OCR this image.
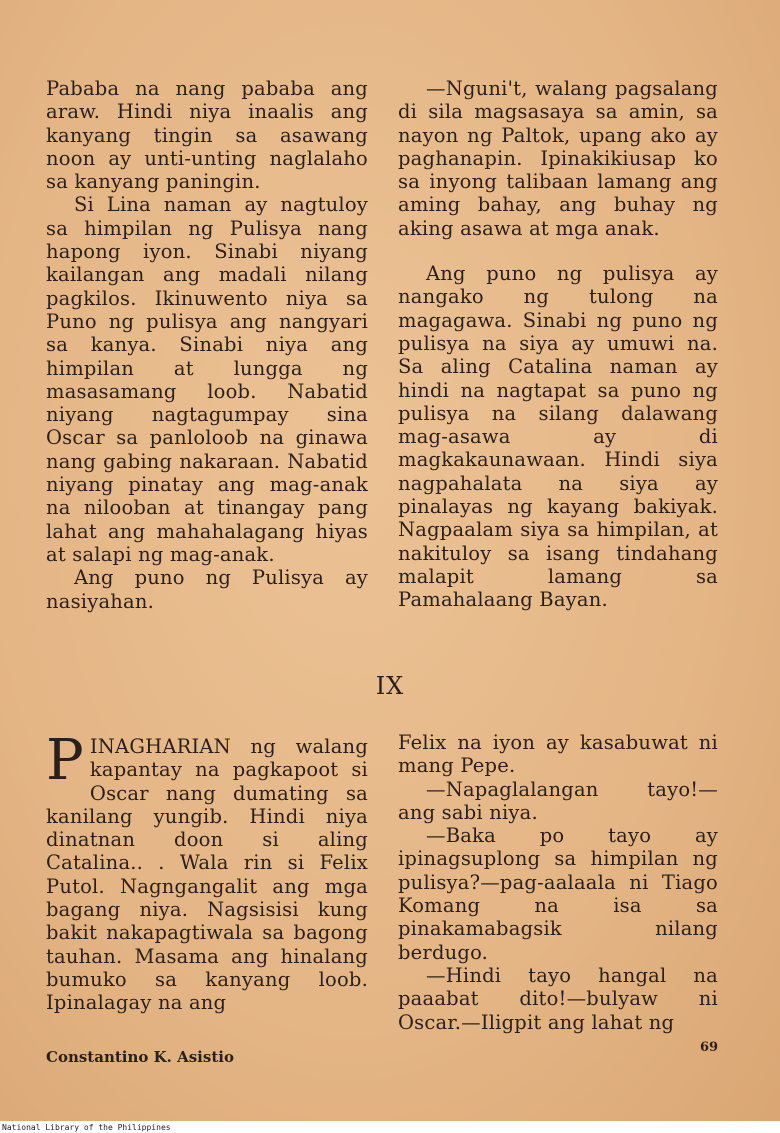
Pababa na nang pababa ang araw. Hindi niya inaalis ang kanyang tingin sa asawang noon ay unti-unting naglalaho sa kanyang paningin.

Si Lina naman ay nagtuloy sa himpilan ng Pulisya nang hapong iyon. Sinabi niyang kailangan ang madali nilang pagkilos. Ikinuwento niya sa Puno ng pulisya ang nangyari sa kanya. Sinabi niya ang himpilan at lungga ng masasamang loob. Nabatid niyang nagtagumpay sina Oscar sa panloloob na ginawa nang gabing nakaraan. Nabatid niyang pinatay ang mag-anak na nilooban at tinangay pang lahat ang mahahalagang hiyas at salapi ng mag-anak.

Ang puno ng Pulisya ay nasiyahan.

—Nguni't, walang pagsalang di sila magsasaya sa amin, sa nayon ng Paltok, upang ako ay paghanapin. Ipinakikiusap ko sa inyong talibaan lamang ang aming bahay, ang buhay ng aking asawa at mga anak.

Ang puno ng pulisya ay nangako ng tulong na magagawa. Sinabi ng puno ng pulisya na siya ay umuwi na. Sa aling Catalina naman ay hindi na nagtapat sa puno ng pulisya na silang dalawang mag-asawa ay di magkakaunawaan. Hindi siya nagpahalata na siya ay pinalayas ng kayang bakiyak. Nagpaalam siya sa himpilan, at nakituloy sa isang tindahang malapit lamang sa Pamahalaang Bayan.

IX

PINAGHARIAN ng walang kapantay na pagkapoot si Oscar nang dumating sa kanilang yungib. Hindi niya dinatnan doon si aling Catalina.. . Wala rin si Felix Putol. Nagngangalit ang mga bagang niya. Nagsisisi kung bakit nakapagtiwala sa bagong tauhan. Masama ang hinalang bumuko sa kanyang loob. Ipinalagay na ang

Felix na iyon ay kasabuwat ni mang Pepe.

—Napaglalangan tayo!— ang sabi niya.

—Baka po tayo ay ipinagsuplong sa himpilan ng pulisya?—pag-aalaala ni Tiago Komang na isa sa pinakamabagsik nilang berdugo.

—Hindi tayo hangal na paaabat dito!—bulyaw ni Oscar.—Iligpit ang lahat ng

Constantino K. Asistio
69
National Library of the Philippines
